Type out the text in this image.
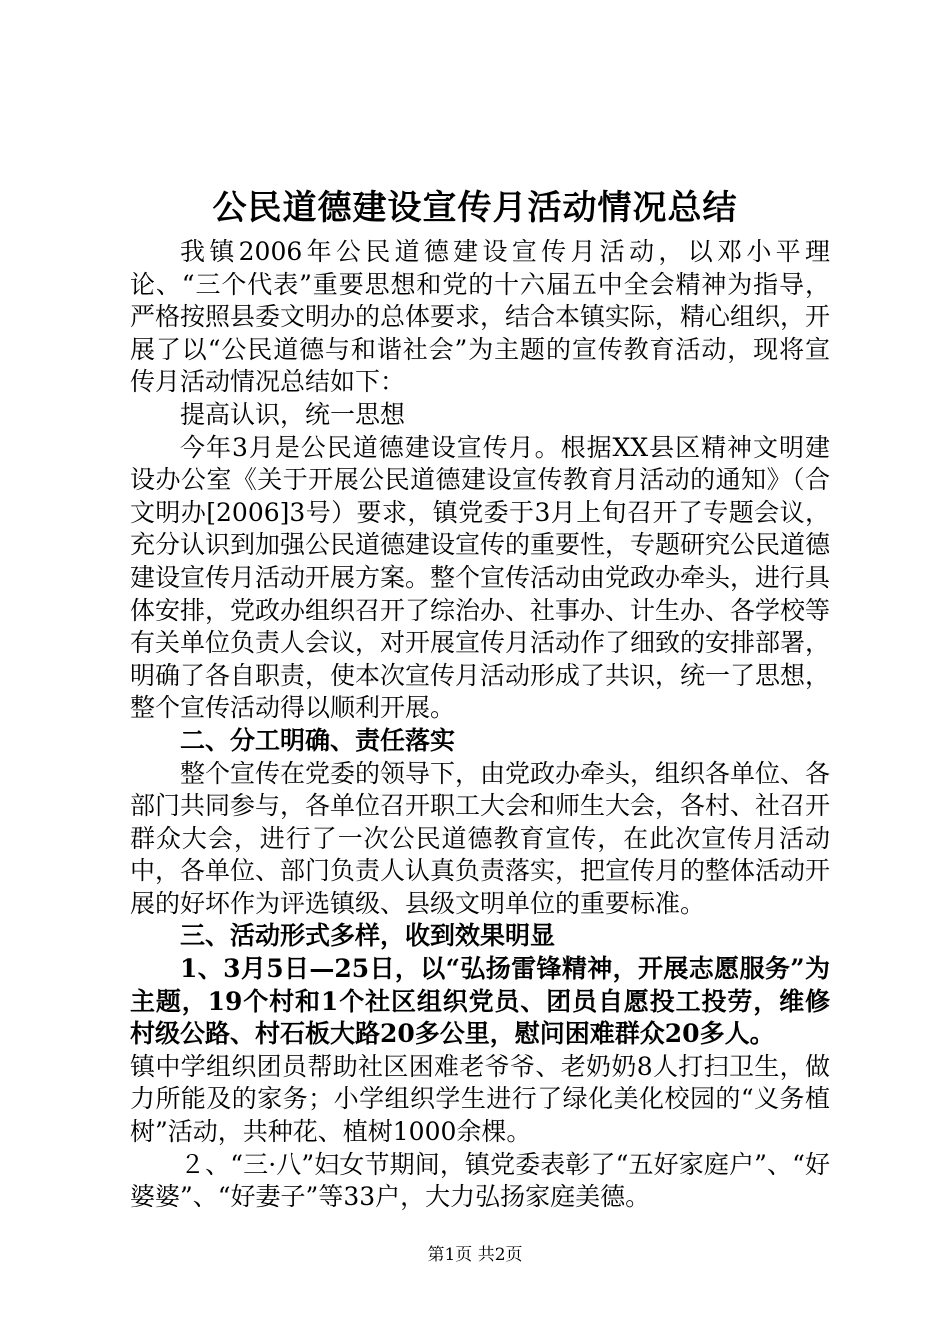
公民道德建设宣传月活动情况总结

我镇2006年公民道德建设宣传月活动，以邓小平理论、“三个代表”重要思想和党的十六届五中全会精神为指导，严格按照县委文明办的总体要求，结合本镇实际，精心组织，开展了以“公民道德与和谐社会”为主题的宣传教育活动，现将宣传月活动情况总结如下：

提高认识，统一思想

今年3月是公民道德建设宣传月。根据XX县区精神文明建设办公室《关于开展公民道德建设宣传教育月活动的通知》（合文明办[2006]3号）要求，镇党委于3月上旬召开了专题会议，充分认识到加强公民道德建设宣传的重要性，专题研究公民道德建设宣传月活动开展方案。整个宣传活动由党政办牵头，进行具体安排，党政办组织召开了综治办、社事办、计生办、各学校等有关单位负责人会议，对开展宣传月活动作了细致的安排部署，明确了各自职责，使本次宣传月活动形成了共识，统一了思想，整个宣传活动得以顺利开展。

二、分工明确、责任落实

整个宣传在党委的领导下，由党政办牵头，组织各单位、各部门共同参与，各单位召开职工大会和师生大会，各村、社召开群众大会，进行了一次公民道德教育宣传，在此次宣传月活动中，各单位、部门负责人认真负责落实，把宣传月的整体活动开展的好坏作为评选镇级、县级文明单位的重要标准。

三、活动形式多样，收到效果明显

1、3月5日—25日，以“弘扬雷锋精神，开展志愿服务”为主题，19个村和1个社区组织党员、团员自愿投工投劳，维修村级公路、村石板大路20多公里，慰问困难群众20多人。

镇中学组织团员帮助社区困难老爷爷、老奶奶8人打扫卫生，做力所能及的家务；小学组织学生进行了绿化美化校园的“义务植树”活动，共种花、植树1000余棵。

２、“三·八”妇女节期间，镇党委表彰了“五好家庭户”、“好婆婆”、“好妻子”等33户，大力弘扬家庭美德。

第1页 共2页
